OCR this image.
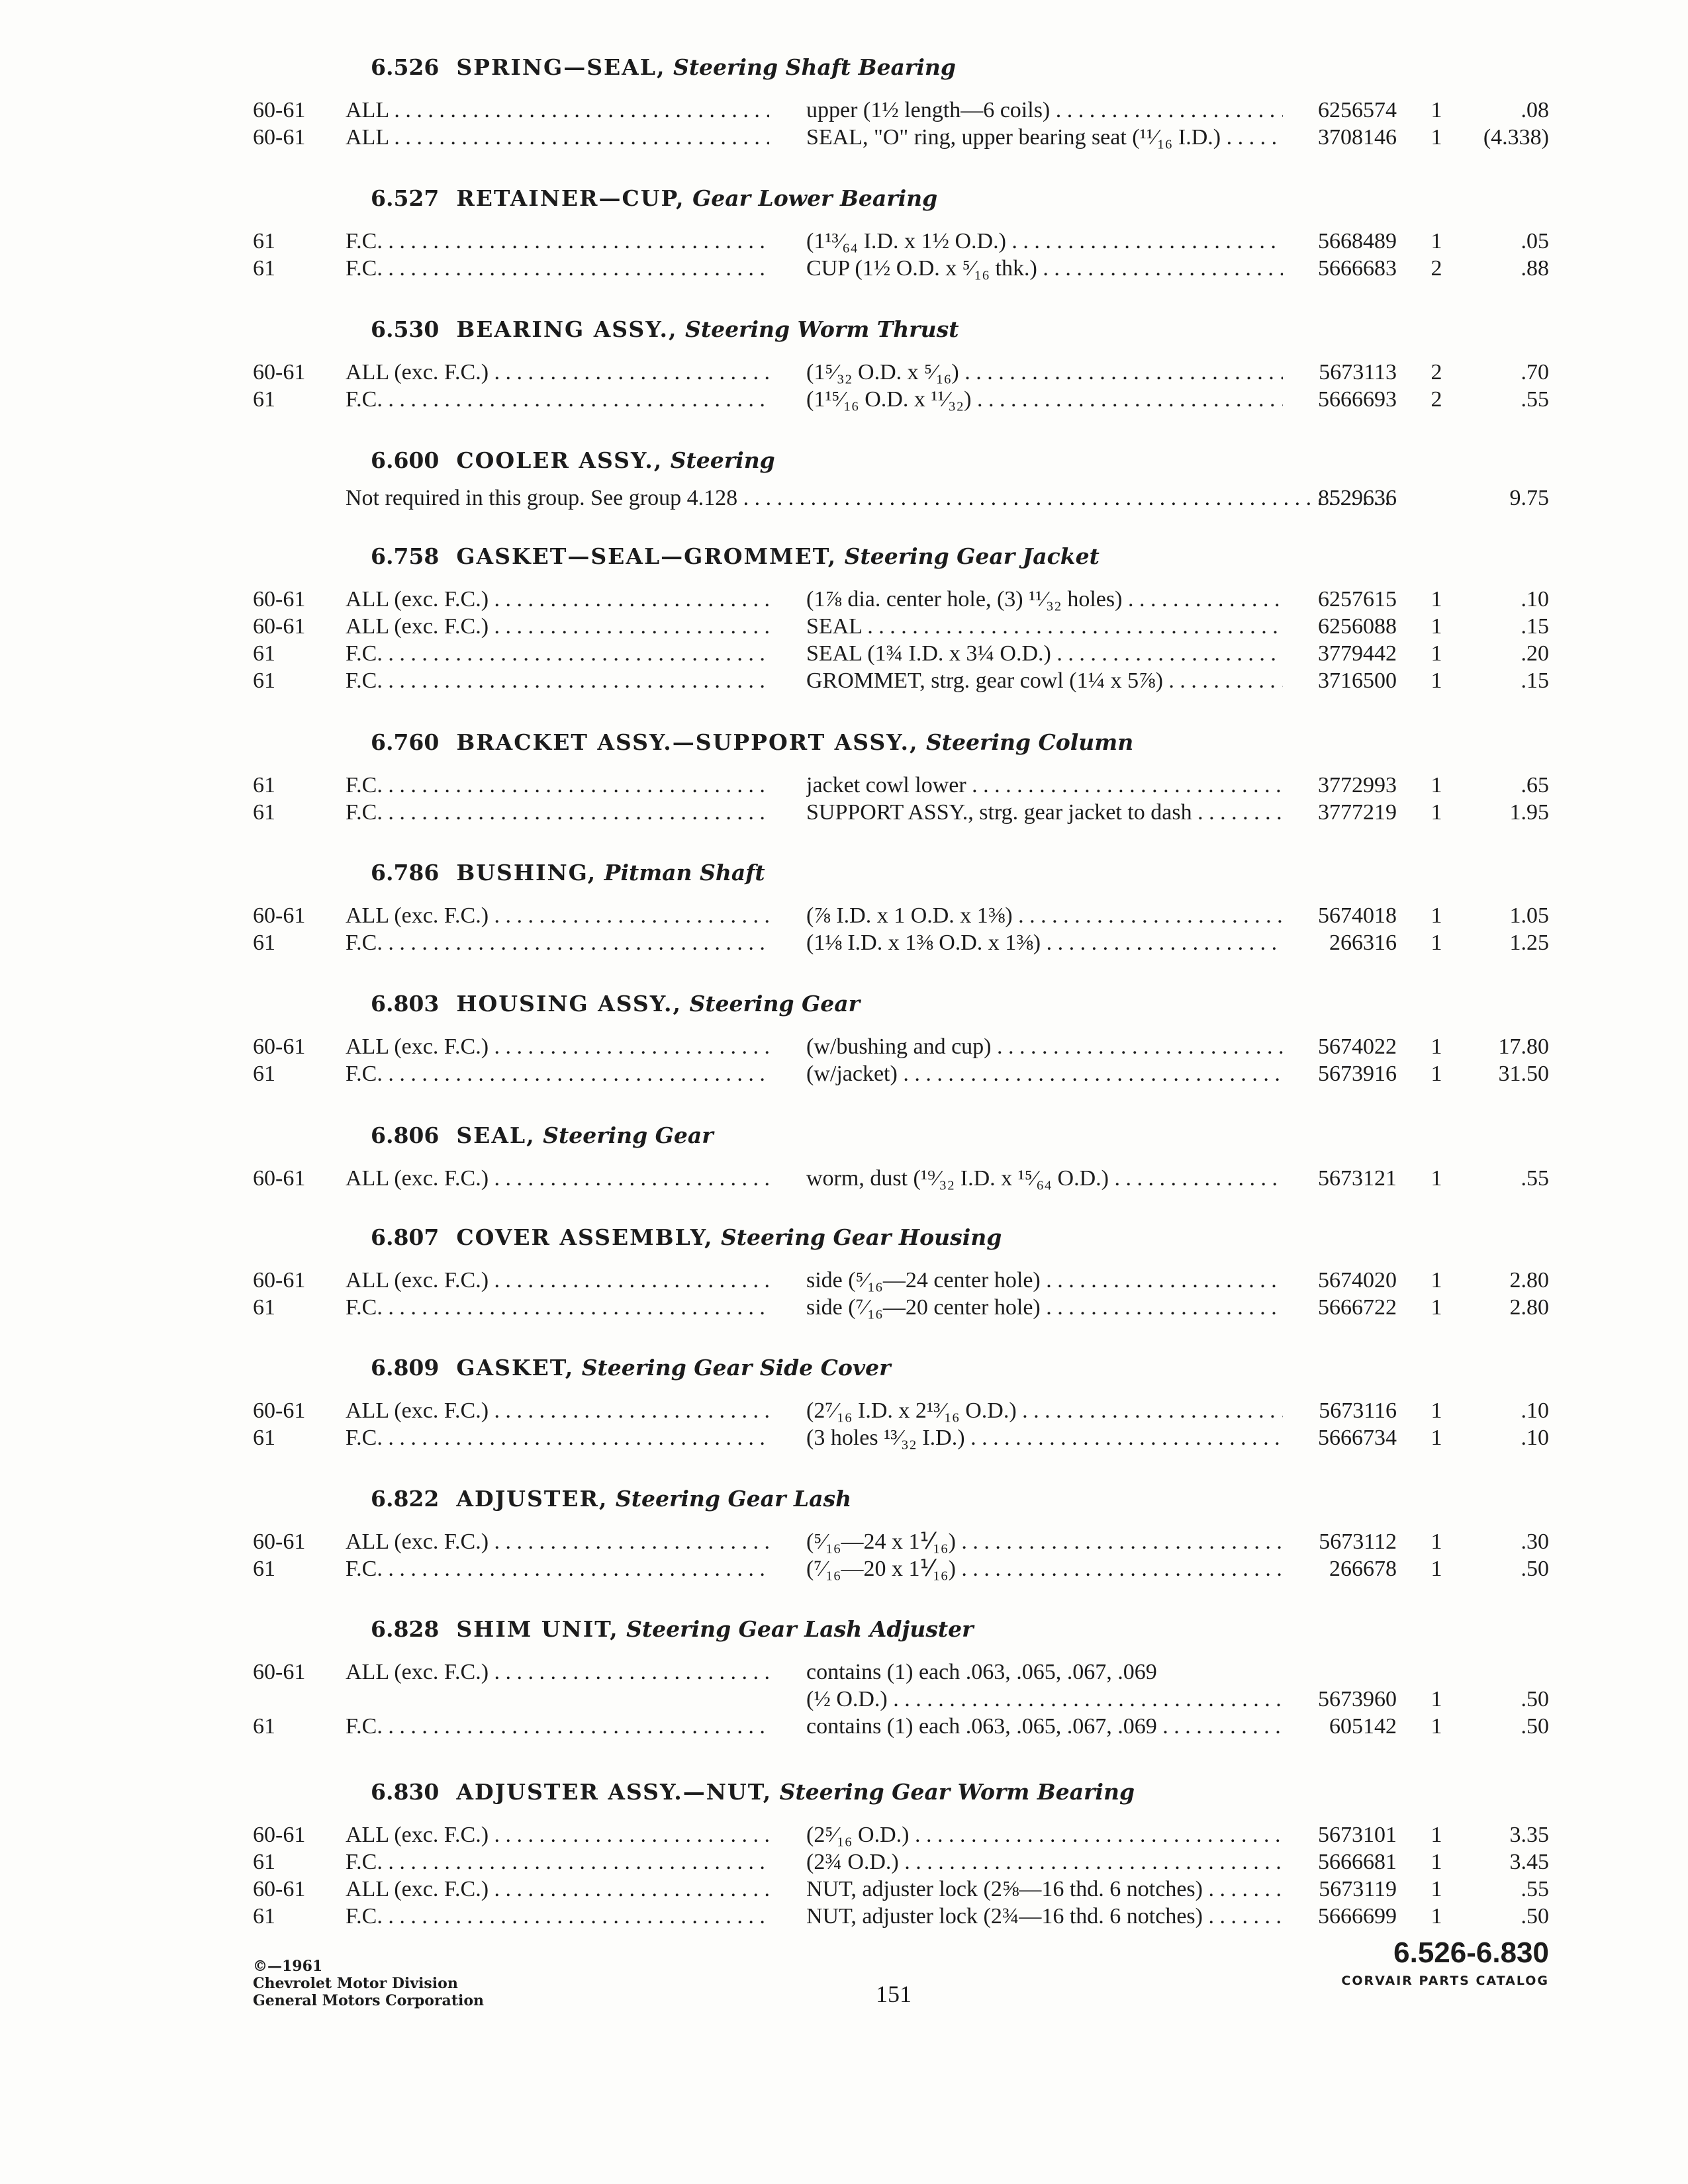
6.526 SPRING—SEAL, Steering Shaft Bearing
60-61	ALL . . .	upper (1½ length—6 coils) . . .	6256574	1	.08
60-61	ALL . . .	SEAL, "O" ring, upper bearing seat (¹¹⁄₁₆ I.D.) . . .	3708146	1	(4.338)
6.527 RETAINER—CUP, Gear Lower Bearing
61	F.C. . . .	(1¹³⁄₆₄ I.D. x 1½ O.D.) . . .	5668489	1	.05
61	F.C. . . .	CUP (1½ O.D. x ⁵⁄₁₆ thk.) . . .	5666683	2	.88
6.530 BEARING ASSY., Steering Worm Thrust
60-61	ALL (exc. F.C.) . . .	(1⁵⁄₃₂ O.D. x ⁵⁄₁₆) . . .	5673113	2	.70
61	F.C. . . .	(1¹⁵⁄₁₆ O.D. x ¹¹⁄₃₂) . . .	5666693	2	.55
6.600 COOLER ASSY., Steering
Not required in this group. See group 4.128 . . .	8529636	9.75
6.758 GASKET—SEAL—GROMMET, Steering Gear Jacket
60-61	ALL (exc. F.C.) . . .	(1⅞ dia. center hole, (3) ¹¹⁄₃₂ holes) . . .	6257615	1	.10
60-61	ALL (exc. F.C.) . . .	SEAL . . .	6256088	1	.15
61	F.C. . . .	SEAL (1¾ I.D. x 3¼ O.D.) . . .	3779442	1	.20
61	F.C. . . .	GROMMET, strg. gear cowl (1¼ x 5⅞) . . .	3716500	1	.15
6.760 BRACKET ASSY.—SUPPORT ASSY., Steering Column
61	F.C. . . .	jacket cowl lower . . .	3772993	1	.65
61	F.C. . . .	SUPPORT ASSY., strg. gear jacket to dash . . .	3777219	1	1.95
6.786 BUSHING, Pitman Shaft
60-61	ALL (exc. F.C.) . . .	(⅞ I.D. x 1 O.D. x 1⅜) . . .	5674018	1	1.05
61	F.C. . . .	(1⅛ I.D. x 1⅜ O.D. x 1⅜) . . .	266316	1	1.25
6.803 HOUSING ASSY., Steering Gear
60-61	ALL (exc. F.C.) . . .	(w/bushing and cup) . . .	5674022	1	17.80
61	F.C. . . .	(w/jacket) . . .	5673916	1	31.50
6.806 SEAL, Steering Gear
60-61	ALL (exc. F.C.) . . .	worm, dust (¹⁹⁄₃₂ I.D. x ¹⁵⁄₆₄ O.D.) . . .	5673121	1	.55
6.807 COVER ASSEMBLY, Steering Gear Housing
60-61	ALL (exc. F.C.) . . .	side (⁵⁄₁₆—24 center hole) . . .	5674020	1	2.80
61	F.C. . . .	side (⁷⁄₁₆—20 center hole) . . .	5666722	1	2.80
6.809 GASKET, Steering Gear Side Cover
60-61	ALL (exc. F.C.) . . .	(2⁷⁄₁₆ I.D. x 2¹³⁄₁₆ O.D.) . . .	5673116	1	.10
61	F.C. . . .	(3 holes ¹³⁄₃₂ I.D.) . . .	5666734	1	.10
6.822 ADJUSTER, Steering Gear Lash
60-61	ALL (exc. F.C.) . . .	(⁵⁄₁₆—24 x 1⅟₁₆) . . .	5673112	1	.30
61	F.C. . . .	(⁷⁄₁₆—20 x 1⅟₁₆) . . .	266678	1	.50
6.828 SHIM UNIT, Steering Gear Lash Adjuster
60-61	ALL (exc. F.C.) . . .	contains (1) each .063, .065, .067, .069
(½ O.D.) . . .	5673960	1	.50
61	F.C. . . .	contains (1) each .063, .065, .067, .069 . . .	605142	1	.50
6.830 ADJUSTER ASSY.—NUT, Steering Gear Worm Bearing
60-61	ALL (exc. F.C.) . . .	(2⁵⁄₁₆ O.D.) . . .	5673101	1	3.35
61	F.C. . . .	(2¾ O.D.) . . .	5666681	1	3.45
60-61	ALL (exc. F.C.) . . .	NUT, adjuster lock (2⅝—16 thd. 6 notches) . . .	5673119	1	.55
61	F.C. . . .	NUT, adjuster lock (2¾—16 thd. 6 notches) . . .	5666699	1	.50
©—1961
Chevrolet Motor Division
General Motors Corporation	151
6.526-6.830
CORVAIR PARTS CATALOG
